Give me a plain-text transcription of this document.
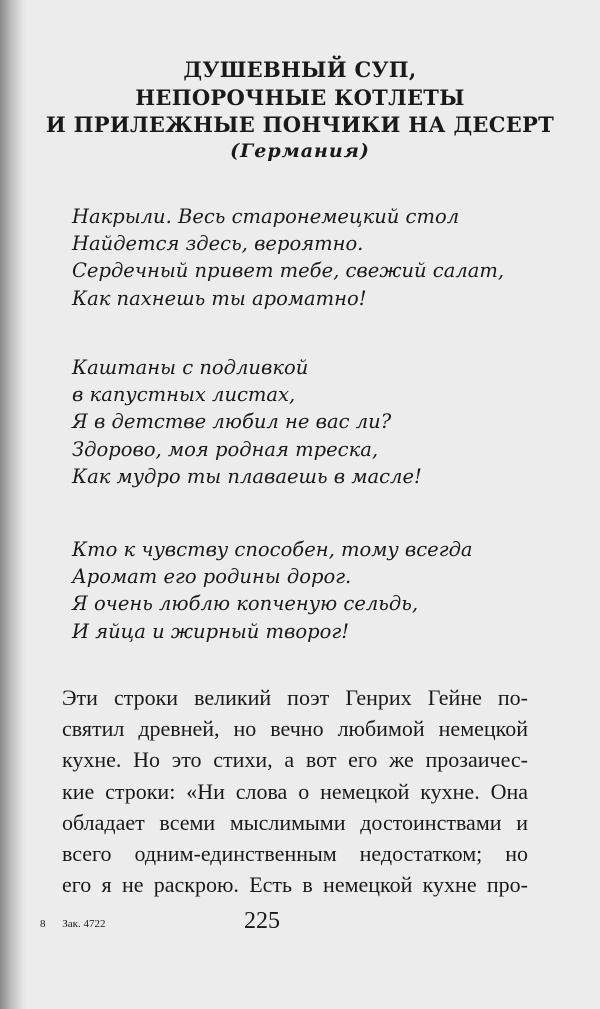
ДУШЕВНЫЙ СУП,
НЕПОРОЧНЫЕ КОТЛЕТЫ
И ПРИЛЕЖНЫЕ ПОНЧИКИ НА ДЕСЕРТ
(Германия)
Накрыли. Весь старонемецкий стол
Найдется здесь, вероятно.
Сердечный привет тебе, свежий салат,
Как пахнешь ты ароматно!
Каштаны с подливкой
в капустных листах,
Я в детстве любил не вас ли?
Здорово, моя родная треска,
Как мудро ты плаваешь в масле!
Кто к чувству способен, тому всегда
Аромат его родины дорог.
Я очень люблю копченую сельдь,
И яйца и жирный творог!
Эти строки великий поэт Генрих Гейне по-
святил древней, но вечно любимой немецкой
кухне. Но это стихи, а вот его же прозаичес-
кие строки: «Ни слова о немецкой кухне. Она
обладает всеми мыслимыми достоинствами и
всего одним-единственным недостатком; но
его я не раскрою. Есть в немецкой кухне про-
8 Зак. 4722	225
